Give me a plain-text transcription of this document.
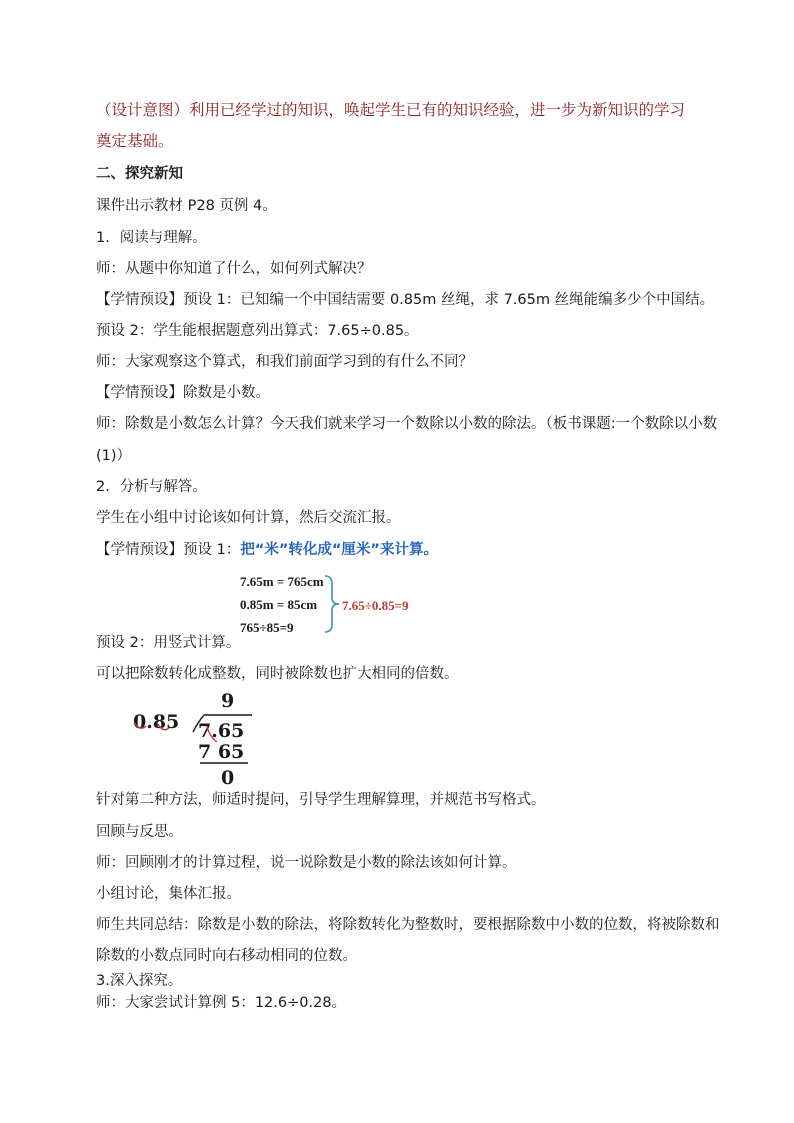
（设计意图）利用已经学过的知识，唤起学生已有的知识经验，进一步为新知识的学习
奠定基础。
二、探究新知
课件出示教材 P28 页例 4。
1．阅读与理解。
师：从题中你知道了什么，如何列式解决？
【学情预设】预设 1：已知编一个中国结需要 0.85m 丝绳，求 7.65m 丝绳能编多少个中国结。
预设 2：学生能根据题意列出算式：7.65÷0.85。
师：大家观察这个算式，和我们前面学习到的有什么不同？
【学情预设】除数是小数。
师：除数是小数怎么计算？今天我们就来学习一个数除以小数的除法。（板书课题:一个数除以小数
(1)）
2．分析与解答。
学生在小组中讨论该如何计算，然后交流汇报。
【学情预设】预设 1：把“米”转化成“厘米”来计算。
7.65m = 765cm
0.85m = 85cm
765÷85=9
7.65÷0.85=9
预设 2：用竖式计算。
可以把除数转化成整数，同时被除数也扩大相同的倍数。
9
0.85 7.65
7 65
0
针对第二种方法，师适时提问，引导学生理解算理，并规范书写格式。
回顾与反思。
师：回顾刚才的计算过程，说一说除数是小数的除法该如何计算。
小组讨论，集体汇报。
师生共同总结：除数是小数的除法，将除数转化为整数时，要根据除数中小数的位数，将被除数和
除数的小数点同时向右移动相同的位数。
3.深入探究。
师：大家尝试计算例 5：12.6÷0.28。
